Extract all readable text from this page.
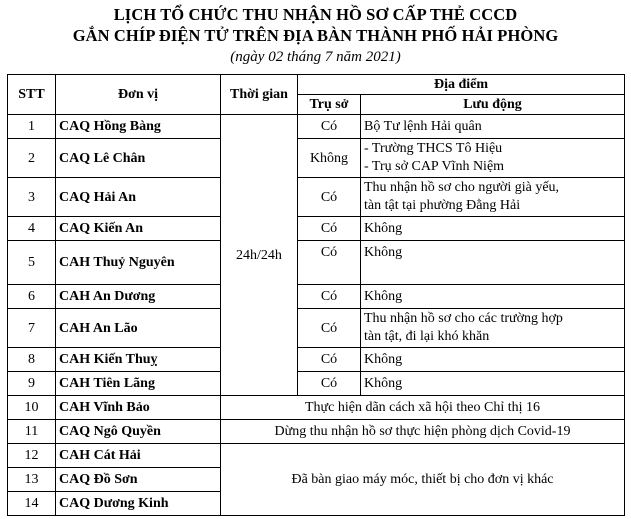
LỊCH TỔ CHỨC THU NHẬN HỒ SƠ CẤP THẺ CCCD
GẮN CHÍP ĐIỆN TỬ TRÊN ĐỊA BÀN THÀNH PHỐ HẢI PHÒNG
(ngày 02 tháng 7 năm 2021)
STT	Đơn vị	Thời gian	Địa điểm	
			Trụ sở	Lưu động
1	CAQ Hồng Bàng	24h/24h	Có	Bộ Tư lệnh Hải quân

2	CAQ Lê Chân		Không	- Trường THCS Tô Hiệu
- Trụ sở CAP Vĩnh Niệm

3	CAQ Hải An		Có	Thu nhận hồ sơ cho người già yếu,
tàn tật tại phường Đằng Hải

4	CAQ Kiến An		Có	Không

5	CAH Thuỷ Nguyên		Có	Không

6	CAH An Dương		Có	Không

7	CAH An Lão		Có	Thu nhận hồ sơ cho các trường hợp
tàn tật, đi lại khó khăn

8	CAH Kiến Thuỵ		Có	Không

9	CAH Tiên Lãng		Có	Không

10	CAH Vĩnh Bảo	Thực hiện dãn cách xã hội theo Chỉ thị 16		
11	CAQ Ngô Quyền	Dừng thu nhận hồ sơ thực hiện phòng dịch Covid-19		
12	CAH Cát Hải	Đã bàn giao máy móc, thiết bị cho đơn vị khác		
13	CAQ Đồ Sơn			
14	CAQ Dương Kinh			
